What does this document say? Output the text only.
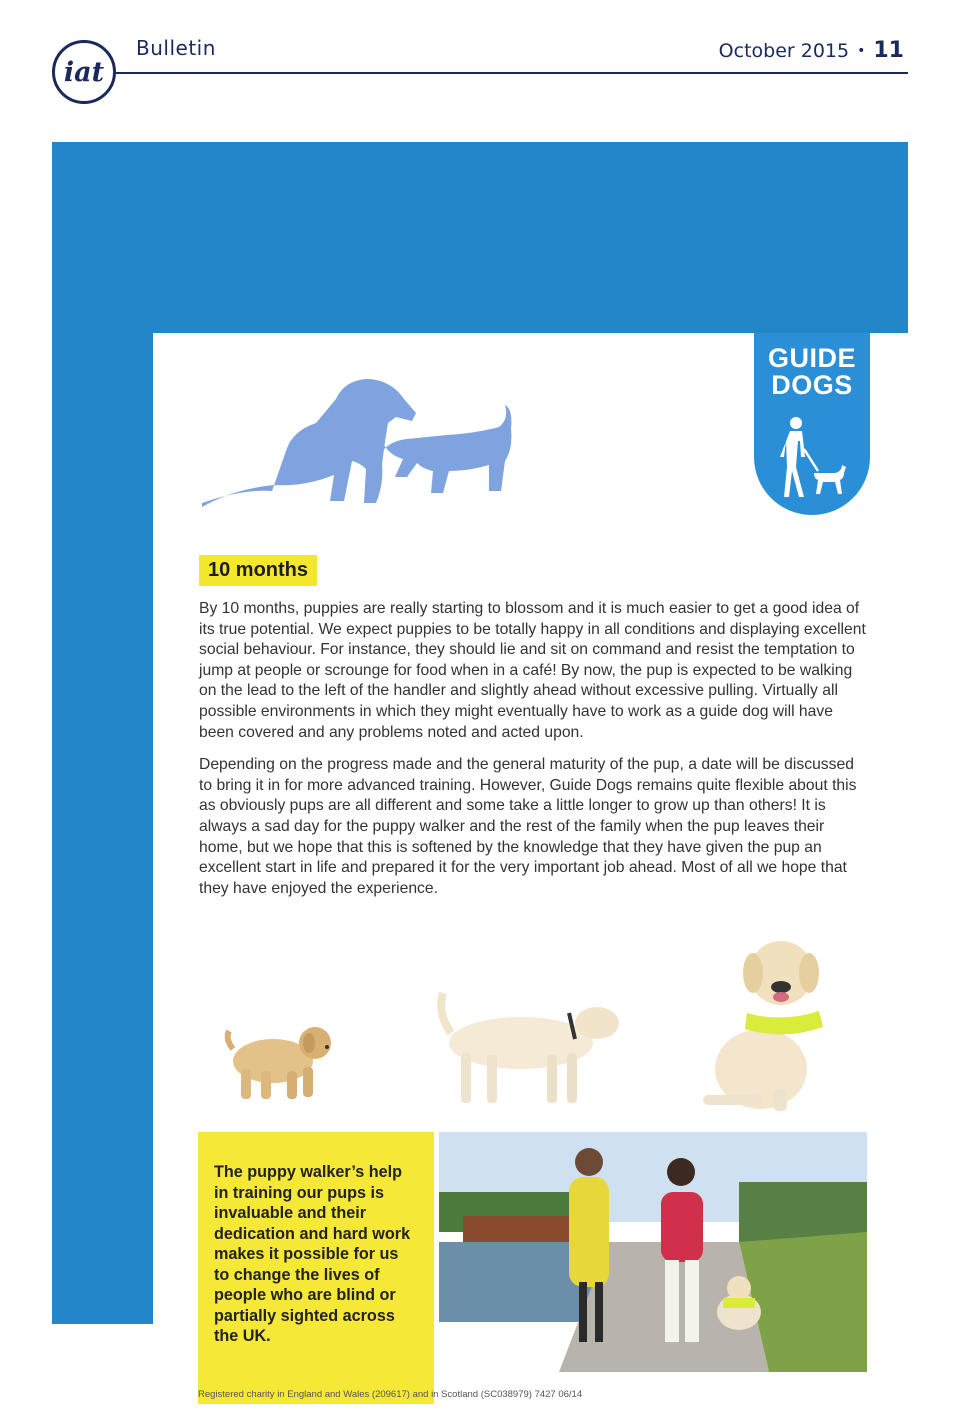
iat
Bulletin	October 2015 • 11
GUIDE
DOGS
10 months

By 10 months, puppies are really starting to blossom and it is much easier to get a good idea of its true potential. We expect puppies to be totally happy in all conditions and displaying excellent social behaviour. For instance, they should lie and sit on command and resist the temptation to jump at people or scrounge for food when in a café! By now, the pup is expected to be walking on the lead to the left of the handler and slightly ahead without excessive pulling. Virtually all possible environments in which they might eventually have to work as a guide dog will have been covered and any problems noted and acted upon.

Depending on the progress made and the general maturity of the pup, a date will be discussed to bring it in for more advanced training. However, Guide Dogs remains quite flexible about this as obviously pups are all different and some take a little longer to grow up than others! It is always a sad day for the puppy walker and the rest of the family when the pup leaves their home, but we hope that this is softened by the knowledge that they have given the pup an excellent start in life and prepared it for the very important job ahead. Most of all we hope that they have enjoyed the experience.

The puppy walker’s help in training our pups is invaluable and their dedication and hard work makes it possible for us to change the lives of people who are blind or partially sighted across the UK.
Registered charity in England and Wales (209617) and in Scotland (SC038979) 7427 06/14
